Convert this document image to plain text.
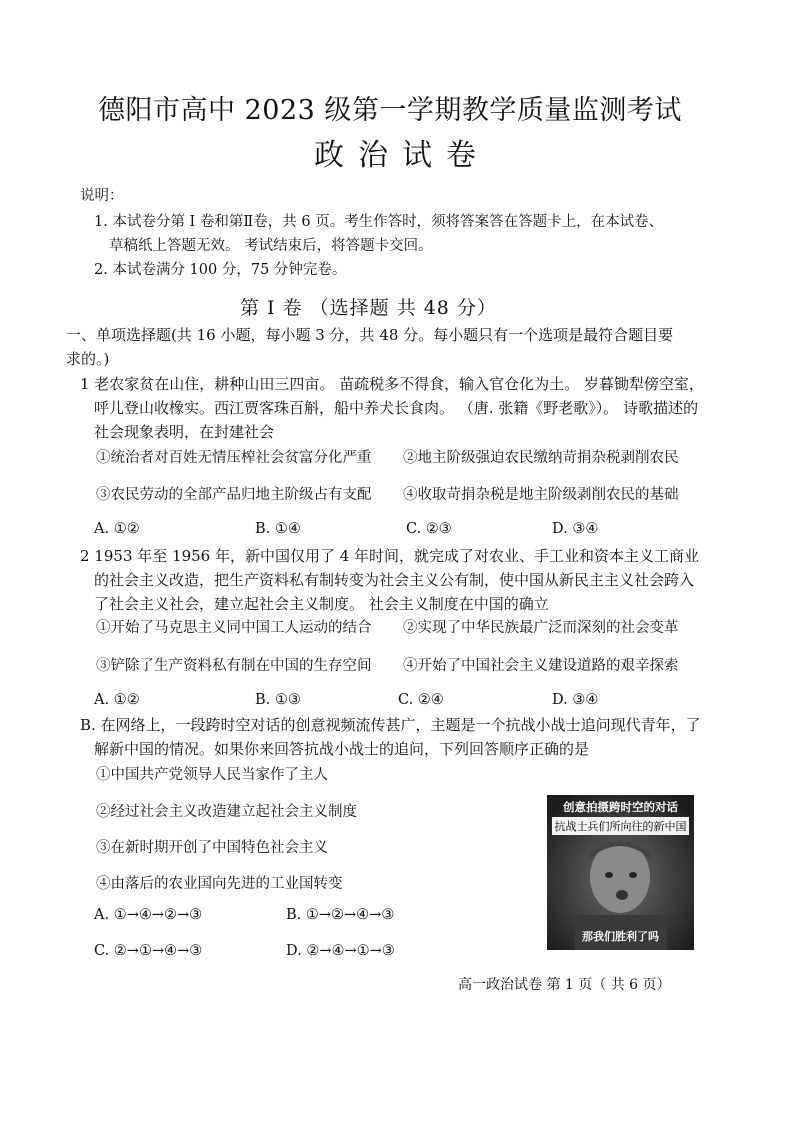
德阳市高中 2023 级第一学期教学质量监测考试
政治试卷
说明：
1. 本试卷分第 I 卷和第Ⅱ卷，共 6 页。考生作答时，须将答案答在答题卡上，在本试卷、
草稿纸上答题无效。 考试结束后，将答题卡交回。
2. 本试卷满分 100 分，75 分钟完卷。
第 I 卷 （选择题 共 48 分）
一、单项选择题(共 16 小题，每小题 3 分，共 48 分。每小题只有一个选项是最符合题目要
求的。)
1 老农家贫在山住，耕种山田三四亩。 苗疏税多不得食，输入官仓化为土。 岁暮锄犁傍空室，
呼儿登山收橡实。西江贾客珠百斛，船中养犬长食肉。 （唐. 张籍《野老歌》）。 诗歌描述的
社会现象表明，在封建社会
①统治者对百姓无情压榨社会贫富分化严重 ②地主阶级强迫农民缴纳苛捐杂税剥削农民
③农民劳动的全部产品归地主阶级占有支配 ④收取苛捐杂税是地主阶级剥削农民的基础
A. ①②	B. ①④	C. ②③	D. ③④
2 1953 年至 1956 年，新中国仅用了 4 年时间，就完成了对农业、手工业和资本主义工商业
的社会主义改造，把生产资料私有制转变为社会主义公有制，使中国从新民主主义社会跨入
了社会主义社会，建立起社会主义制度。 社会主义制度在中国的确立
①开始了马克思主义同中国工人运动的结合 ②实现了中华民族最广泛而深刻的社会变革
③铲除了生产资料私有制在中国的生存空间 ④开始了中国社会主义建设道路的艰辛探索
A. ①②	B. ①③	C. ②④	D. ③④
B. 在网络上，一段跨时空对话的创意视频流传甚广，主题是一个抗战小战士追问现代青年，了
解新中国的情况。如果你来回答抗战小战士的追问，下列回答顺序正确的是
①中国共产党领导人民当家作了主人
②经过社会主义改造建立起社会主义制度
③在新时期开创了中国特色社会主义
④由落后的农业国向先进的工业国转变
A. ①→④→②→③	B. ①→②→④→③
C. ②→①→④→③	D. ②→④→①→③
创意拍摄跨时空的对话
抗战士兵们所向往的新中国
那我们胜利了吗
高一政治试卷 第 1 页（ 共 6 页）
